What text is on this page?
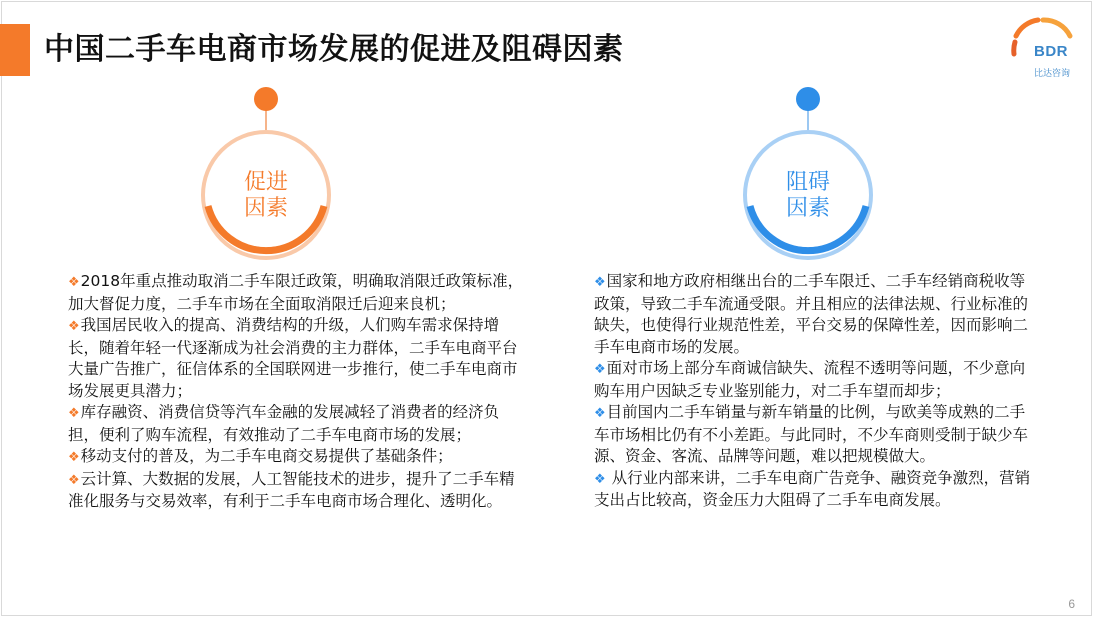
中国二手车电商市场发展的促进及阻碍因素	BDR
比达咨询
促进
因素
阻碍
因素

❖2018年重点推动取消二手车限迁政策，明确取消限迁政策标准，加大督促力度，二手车市场在全面取消限迁后迎来良机；

❖我国居民收入的提高、消费结构的升级，人们购车需求保持增长，随着年轻一代逐渐成为社会消费的主力群体，二手车电商平台大量广告推广，征信体系的全国联网进一步推行，使二手车电商市场发展更具潜力；

❖库存融资、消费信贷等汽车金融的发展减轻了消费者的经济负担，便利了购车流程，有效推动了二手车电商市场的发展；

❖移动支付的普及，为二手车电商交易提供了基础条件；

❖云计算、大数据的发展，人工智能技术的进步，提升了二手车精准化服务与交易效率，有利于二手车电商市场合理化、透明化。

❖国家和地方政府相继出台的二手车限迁、二手车经销商税收等政策，导致二手车流通受限。并且相应的法律法规、行业标准的缺失，也使得行业规范性差，平台交易的保障性差，因而影响二手车电商市场的发展。

❖面对市场上部分车商诚信缺失、流程不透明等问题，不少意向购车用户因缺乏专业鉴别能力，对二手车望而却步；

❖目前国内二手车销量与新车销量的比例，与欧美等成熟的二手车市场相比仍有不小差距。与此同时，不少车商则受制于缺少车源、资金、客流、品牌等问题，难以把规模做大。

❖ 从行业内部来讲，二手车电商广告竞争、融资竞争激烈，营销支出占比较高，资金压力大阻碍了二手车电商发展。

6
